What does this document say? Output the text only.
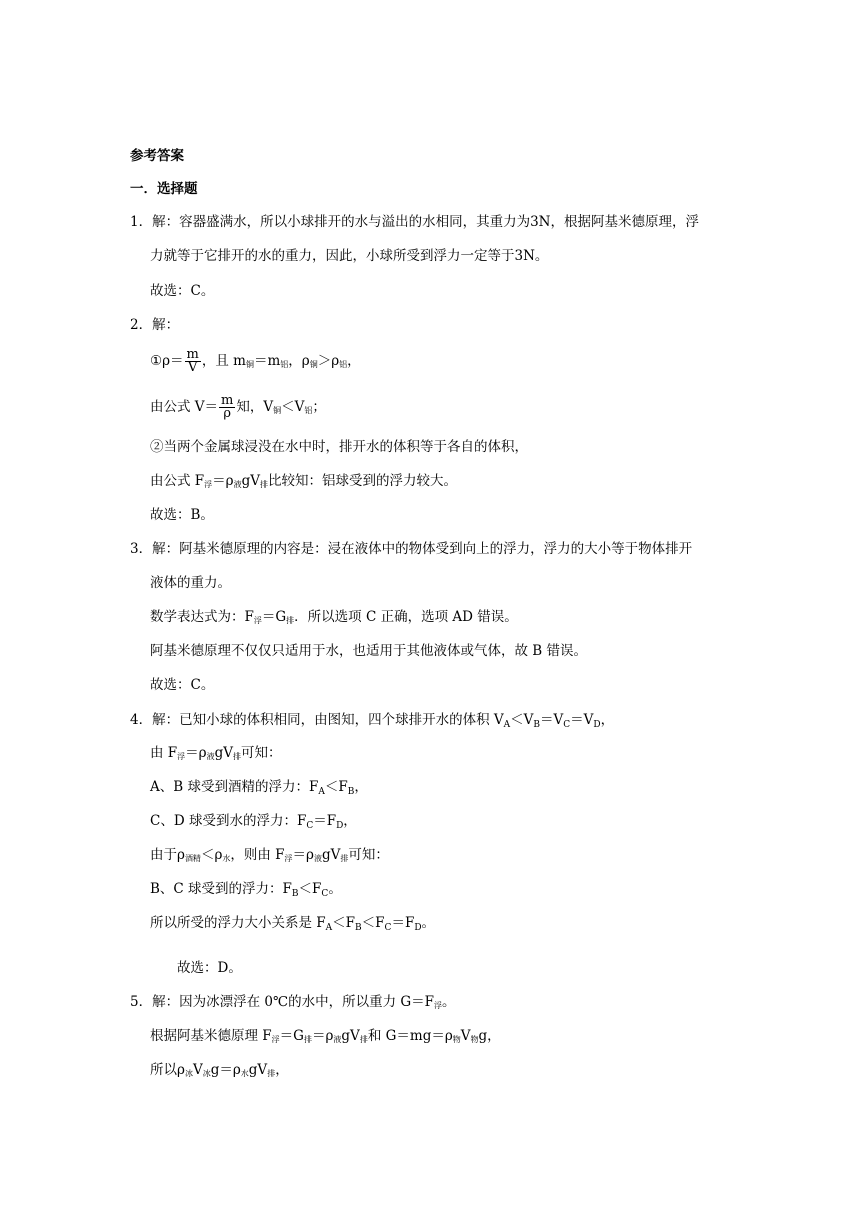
参考答案
一．选择题
1．解：容器盛满水，所以小球排开的水与溢出的水相同，其重力为3N，根据阿基米德原理，浮
力就等于它排开的水的重力，因此，小球所受到浮力一定等于3N。
故选：C。
2．解：
①ρ＝ $\frac{m}{V}$ ，且 $m_铜=m_铝$，$\rho_铜>\rho_铝$，
由公式 $V= \frac{m}{\rho}$ 知，$V_铜<V_铝$；
②当两个金属球浸没在水中时，排开水的体积等于各自的体积，
由公式 $F_浮=\rho_液gV_排$比较知：铝球受到的浮力较大。
故选：B。
3．解：阿基米德原理的内容是：浸在液体中的物体受到向上的浮力，浮力的大小等于物体排开
液体的重力。
数学表达式为：$F_浮=G_排$．所以选项 C 正确，选项 AD 错误。
阿基米德原理不仅仅只适用于水，也适用于其他液体或气体，故 B 错误。
故选：C。
4．解：已知小球的体积相同，由图知，四个球排开水的体积 $V_A<V_B=V_C=V_D$，
由 $F_浮=\rho_液gV_排$可知：
A、B 球受到酒精的浮力：$F_A<F_B$，
C、D 球受到水的浮力：$F_C=F_D$，
由于$\rho_{酒精}<\rho_水$，则由 $F_浮=\rho_液gV_排$可知：
B、C 球受到的浮力：$F_B<F_C$。
所以所受的浮力大小关系是 $F_A<F_B<F_C=F_D$。
故选：D。
5．解：因为冰漂浮在 0℃的水中，所以重力 $G=F_浮$。
根据阿基米德原理 $F_浮=G_排=\rho_液gV_排$和 $G=mg=\rho_物V_物g$，
所以$\rho_冰V_冰g=\rho_水gV_排$，
